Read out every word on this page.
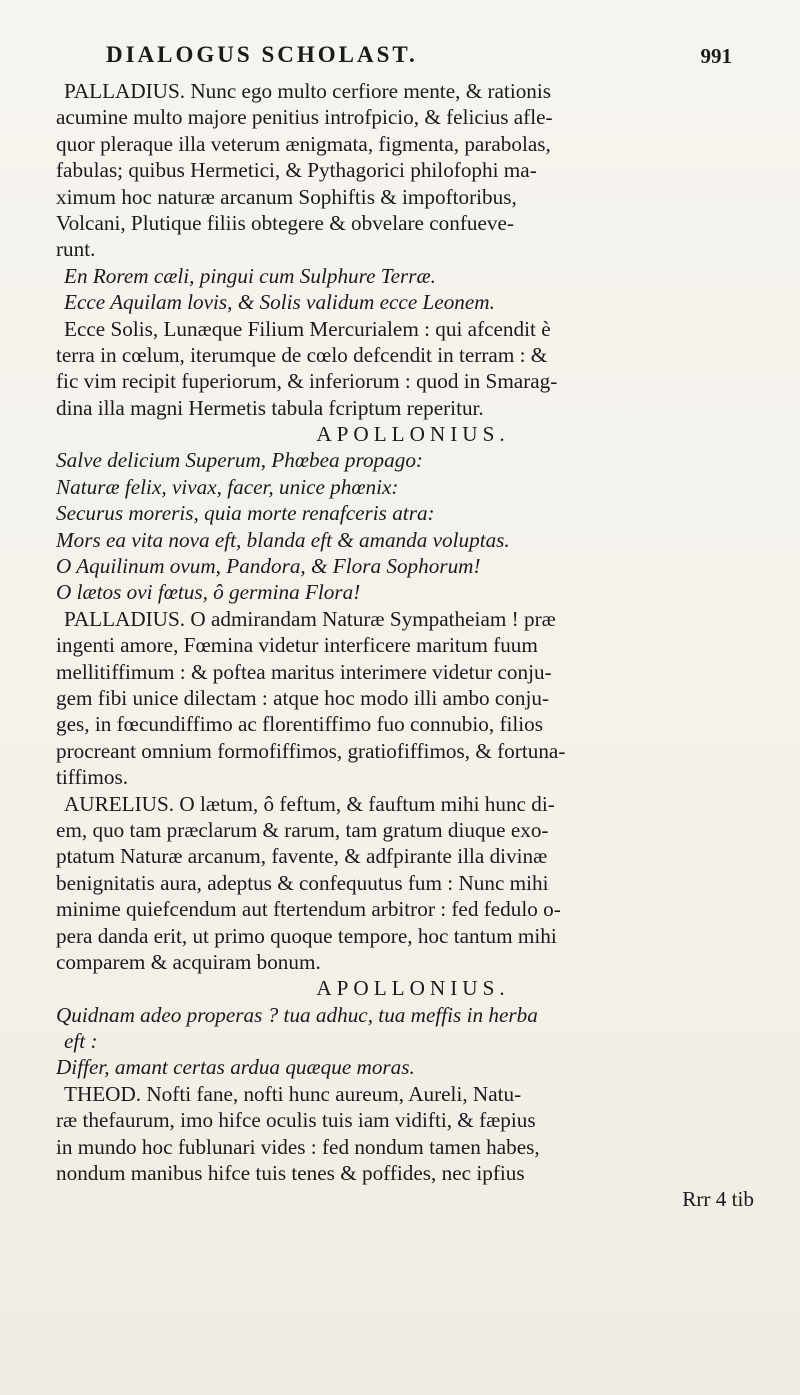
DIALOGUS SCHOLAST.	991
PALLADIUS. Nunc ego multo cerfiore mente, & rationis
acumine multo majore penitius introfpicio, & felicius afle-
quor pleraque illa veterum ænigmata, figmenta, parabolas,
fabulas; quibus Hermetici, & Pythagorici philofophi ma-
ximum hoc naturæ arcanum Sophiftis & impoftoribus,
Volcani, Plutique filiis obtegere & obvelare confueve-
runt.
En Rorem cæli, pingui cum Sulphure Terræ.
Ecce Aquilam lovis, & Solis validum ecce Leonem.
Ecce Solis, Lunæque Filium Mercurialem : qui afcendit è
terra in cœlum, iterumque de cœlo defcendit in terram : &
fic vim recipit fuperiorum, & inferiorum : quod in Smarag-
dina illa magni Hermetis tabula fcriptum reperitur.
APOLLONIUS.
Salve delicium Superum, Phœbea propago:
Naturæ felix, vivax, facer, unice phœnix:
Securus moreris, quia morte renafceris atra:
Mors ea vita nova eft, blanda eft & amanda voluptas.
O Aquilinum ovum, Pandora, & Flora Sophorum!
O lætos ovi fœtus, ô germina Flora!
PALLADIUS. O admirandam Naturæ Sympatheiam ! præ
ingenti amore, Fœmina videtur interficere maritum fuum
mellitiffimum : & poftea maritus interimere videtur conju-
gem fibi unice dilectam : atque hoc modo illi ambo conju-
ges, in fœcundiffimo ac florentiffimo fuo connubio, filios
procreant omnium formofiffimos, gratiofiffimos, & fortuna-
tiffimos.
AURELIUS. O lætum, ô feftum, & fauftum mihi hunc di-
em, quo tam præclarum & rarum, tam gratum diuque exo-
ptatum Naturæ arcanum, favente, & adfpirante illa divinæ
benignitatis aura, adeptus & confequutus fum : Nunc mihi
minime quiefcendum aut ftertendum arbitror : fed fedulo o-
pera danda erit, ut primo quoque tempore, hoc tantum mihi
comparem & acquiram bonum.
APOLLONIUS.
Quidnam adeo properas ? tua adhuc, tua meffis in herba
eft :
Differ, amant certas ardua quæque moras.
THEOD. Nofti fane, nofti hunc aureum, Aureli, Natu-
ræ thefaurum, imo hifce oculis tuis iam vidifti, & fæpius
in mundo hoc fublunari vides : fed nondum tamen habes,
nondum manibus hifce tuis tenes & poffides, nec ipfius
Rrr 4 tib
